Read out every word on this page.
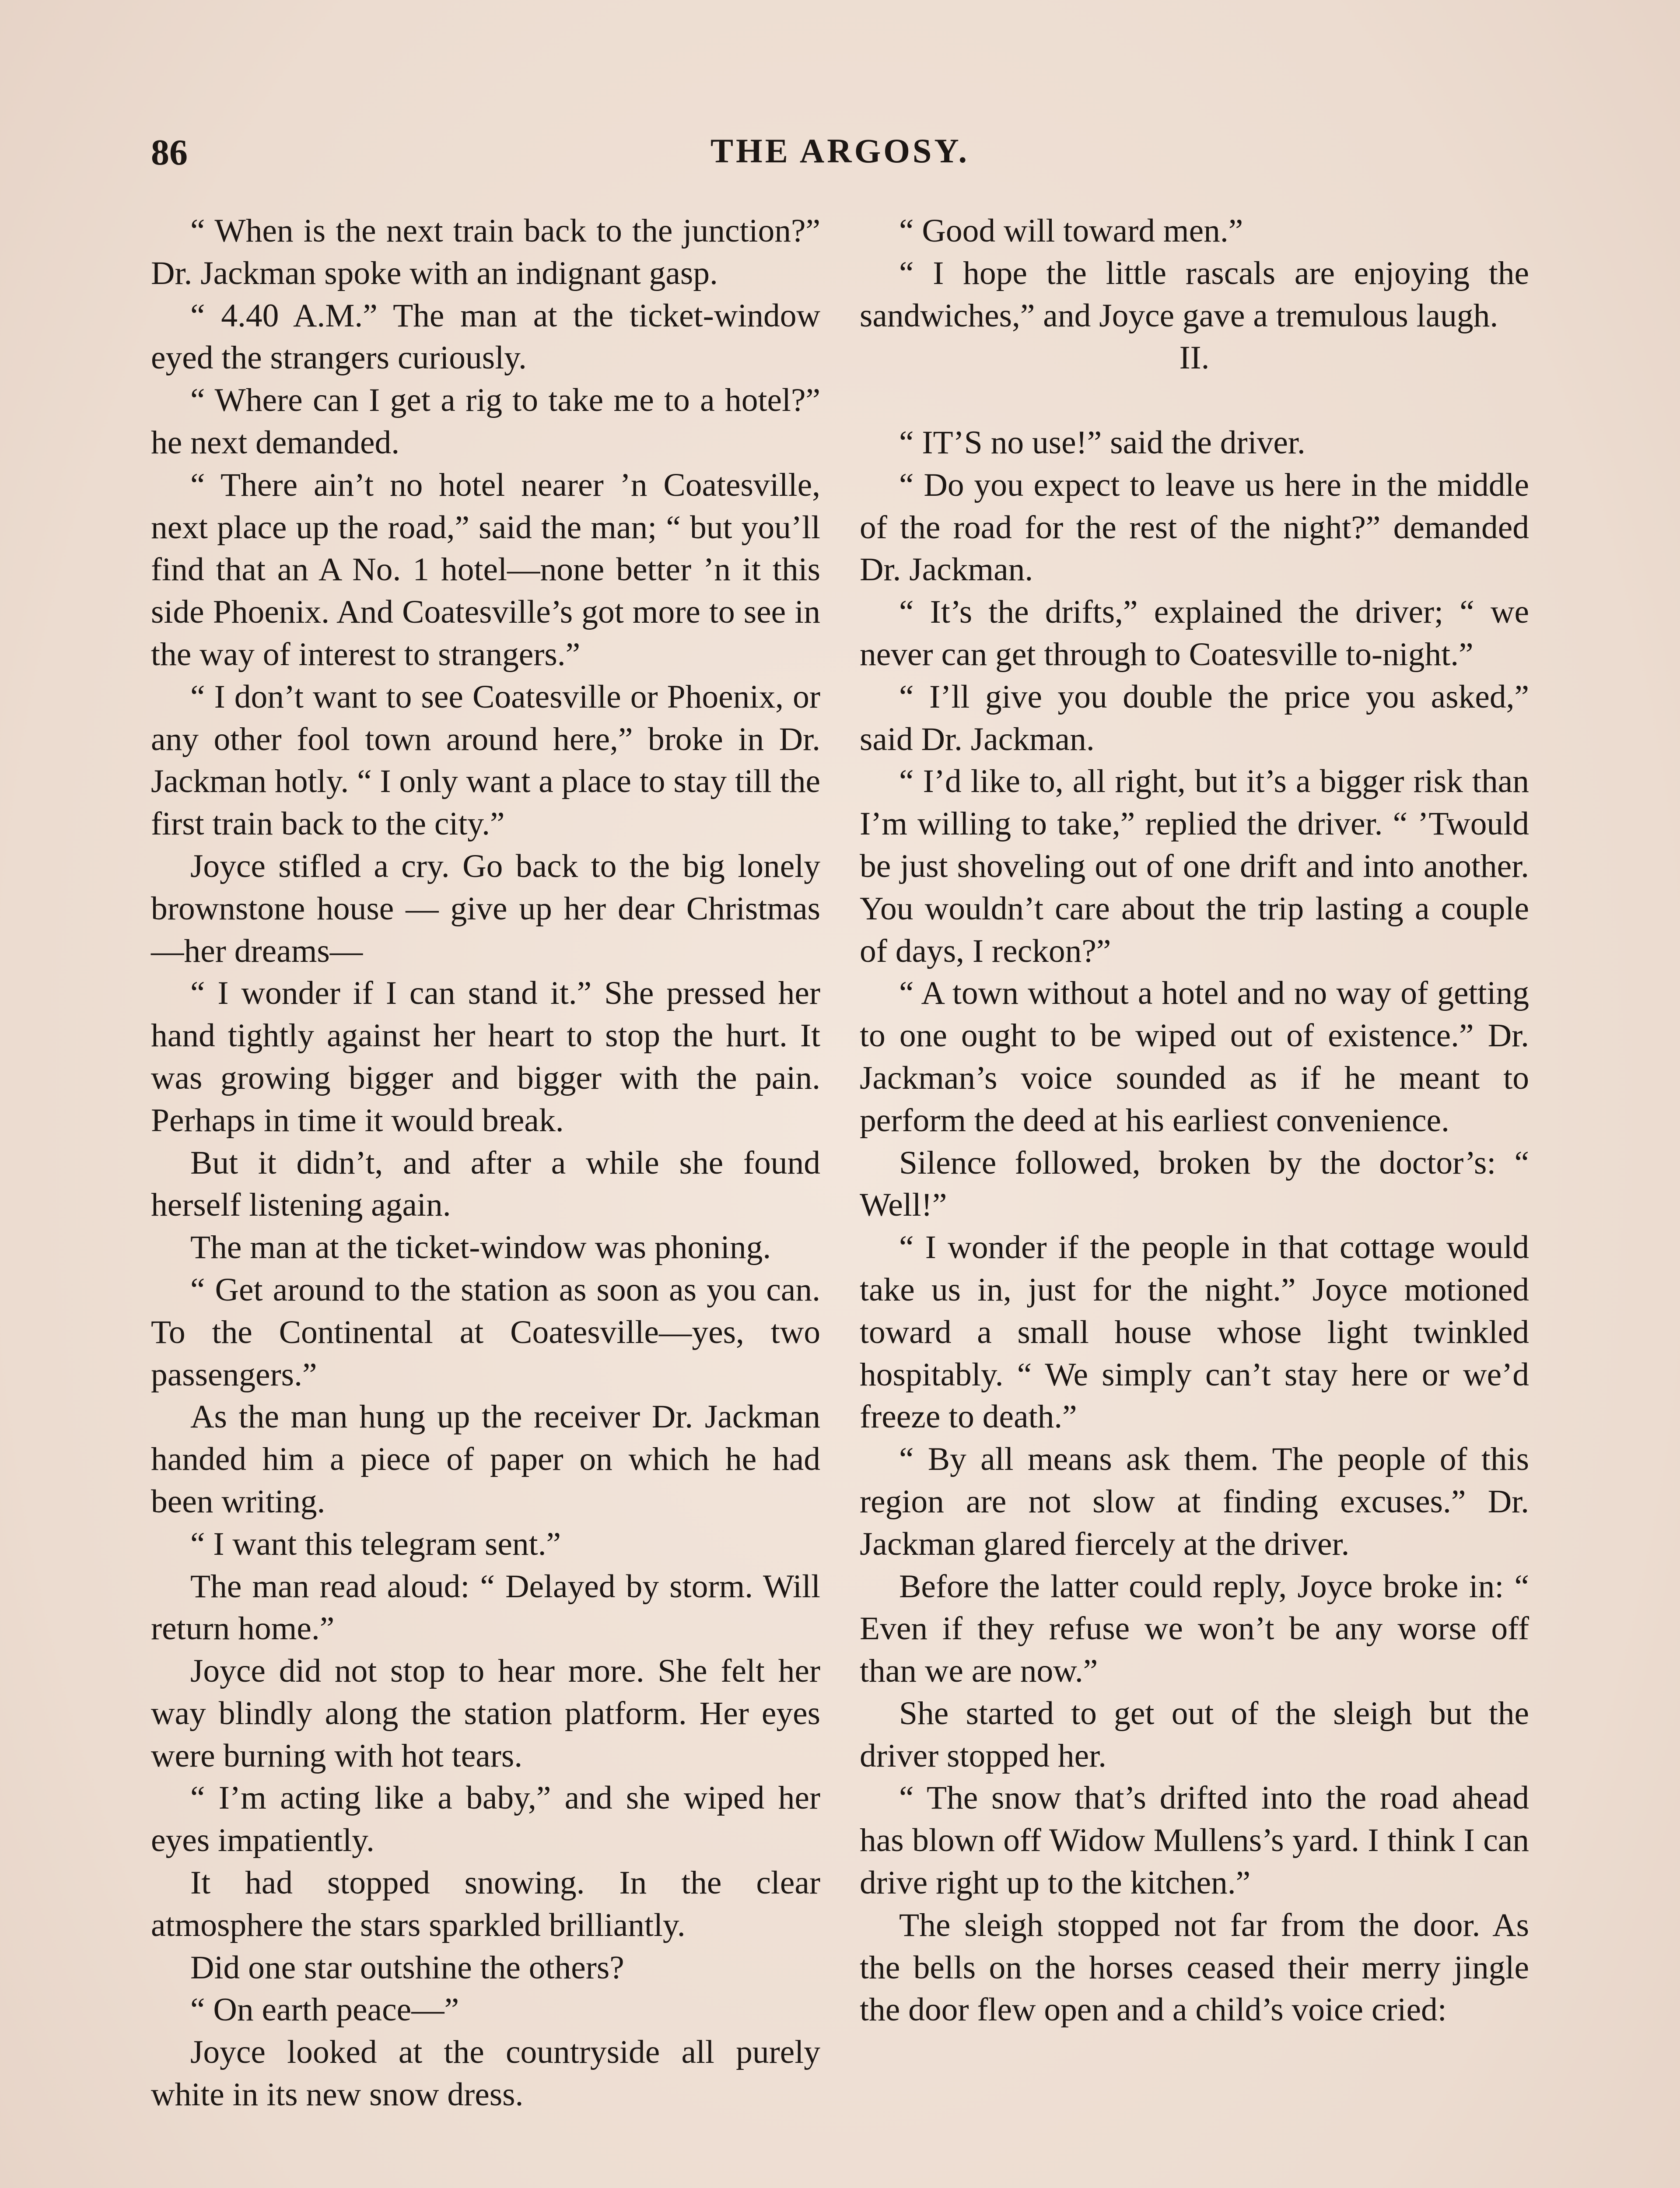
86	THE ARGOSY.

“ When is the next train back to the junction?” Dr. Jackman spoke with an indignant gasp.

“ 4.40 A.M.” The man at the ticket-window eyed the strangers curiously.

“ Where can I get a rig to take me to a hotel?” he next demanded.

“ There ain’t no hotel nearer ’n Coatesville, next place up the road,” said the man; “ but you’ll find that an A No. 1 hotel—none better ’n it this side Phoenix. And Coatesville’s got more to see in the way of interest to strangers.”

“ I don’t want to see Coatesville or Phoenix, or any other fool town around here,” broke in Dr. Jackman hotly. “ I only want a place to stay till the first train back to the city.”

Joyce stifled a cry. Go back to the big lonely brownstone house — give up her dear Christmas—her dreams—

“ I wonder if I can stand it.” She pressed her hand tightly against her heart to stop the hurt. It was growing bigger and bigger with the pain. Perhaps in time it would break.

But it didn’t, and after a while she found herself listening again.

The man at the ticket-window was phoning.

“ Get around to the station as soon as you can. To the Continental at Coatesville—yes, two passengers.”

As the man hung up the receiver Dr. Jackman handed him a piece of paper on which he had been writing.

“ I want this telegram sent.”

The man read aloud: “ Delayed by storm. Will return home.”

Joyce did not stop to hear more. She felt her way blindly along the station platform. Her eyes were burning with hot tears.

“ I’m acting like a baby,” and she wiped her eyes impatiently.

It had stopped snowing. In the clear atmosphere the stars sparkled brilliantly.

Did one star outshine the others?

“ On earth peace—”

Joyce looked at the countryside all purely white in its new snow dress.

“ Good will toward men.”

“ I hope the little rascals are enjoying the sandwiches,” and Joyce gave a tremulous laugh.

II.

“ IT’S no use!” said the driver.

“ Do you expect to leave us here in the middle of the road for the rest of the night?” demanded Dr. Jackman.

“ It’s the drifts,” explained the driver; “ we never can get through to Coatesville to-night.”

“ I’ll give you double the price you asked,” said Dr. Jackman.

“ I’d like to, all right, but it’s a bigger risk than I’m willing to take,” replied the driver. “ ’Twould be just shoveling out of one drift and into another. You wouldn’t care about the trip lasting a couple of days, I reckon?”

“ A town without a hotel and no way of getting to one ought to be wiped out of existence.” Dr. Jackman’s voice sounded as if he meant to perform the deed at his earliest convenience.

Silence followed, broken by the doctor’s: “ Well!”

“ I wonder if the people in that cottage would take us in, just for the night.” Joyce motioned toward a small house whose light twinkled hospitably. “ We simply can’t stay here or we’d freeze to death.”

“ By all means ask them. The people of this region are not slow at finding excuses.” Dr. Jackman glared fiercely at the driver.

Before the latter could reply, Joyce broke in: “ Even if they refuse we won’t be any worse off than we are now.”

She started to get out of the sleigh but the driver stopped her.

“ The snow that’s drifted into the road ahead has blown off Widow Mullens’s yard. I think I can drive right up to the kitchen.”

The sleigh stopped not far from the door. As the bells on the horses ceased their merry jingle the door flew open and a child’s voice cried:
